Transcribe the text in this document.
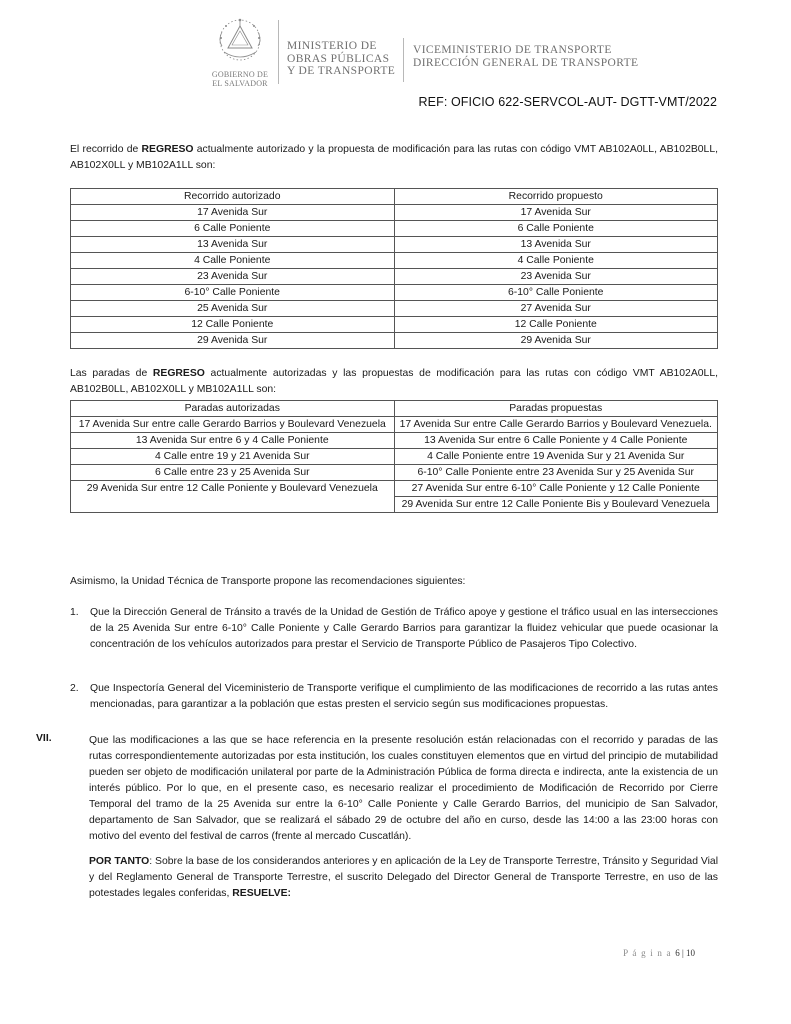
GOBIERNO DE
EL SALVADOR
MINISTERIO DE
OBRAS PÚBLICAS
Y DE TRANSPORTE
VICEMINISTERIO DE TRANSPORTE
DIRECCIÓN GENERAL DE TRANSPORTE
REF: OFICIO 622-SERVCOL-AUT- DGTT-VMT/2022
El recorrido de REGRESO actualmente autorizado y la propuesta de modificación para las rutas con código VMT AB102A0LL, AB102B0LL, AB102X0LL y MB102A1LL son:
Recorrido autorizado	Recorrido propuesto
17 Avenida Sur	17 Avenida Sur
6 Calle Poniente	6 Calle Poniente
13 Avenida Sur	13 Avenida Sur
4 Calle Poniente	4 Calle Poniente
23 Avenida Sur	23 Avenida Sur
6-10° Calle Poniente	6-10° Calle Poniente
25 Avenida Sur	27 Avenida Sur
12 Calle Poniente	12 Calle Poniente
29 Avenida Sur	29 Avenida Sur
Las paradas de REGRESO actualmente autorizadas y las propuestas de modificación para las rutas con código VMT AB102A0LL, AB102B0LL, AB102X0LL y MB102A1LL son:
Paradas autorizadas	Paradas propuestas
17 Avenida Sur entre calle Gerardo Barrios y Boulevard Venezuela	17 Avenida Sur entre Calle Gerardo Barrios y Boulevard Venezuela.
13 Avenida Sur entre 6 y 4 Calle Poniente	13 Avenida Sur entre 6 Calle Poniente y 4 Calle Poniente
4 Calle entre 19 y 21 Avenida Sur	4 Calle Poniente entre 19 Avenida Sur y 21 Avenida Sur
6 Calle entre 23 y 25 Avenida Sur	6-10° Calle Poniente entre 23 Avenida Sur y 25 Avenida Sur
29 Avenida Sur entre 12 Calle Poniente y Boulevard Venezuela	27 Avenida Sur entre 6-10° Calle Poniente y 12 Calle Poniente
	29 Avenida Sur entre 12 Calle Poniente Bis y Boulevard Venezuela
Asimismo, la Unidad Técnica de Transporte propone las recomendaciones siguientes:
1. Que la Dirección General de Tránsito a través de la Unidad de Gestión de Tráfico apoye y gestione el tráfico usual en las intersecciones de la 25 Avenida Sur entre 6-10° Calle Poniente y Calle Gerardo Barrios para garantizar la fluidez vehicular que puede ocasionar la concentración de los vehículos autorizados para prestar el Servicio de Transporte Público de Pasajeros Tipo Colectivo.
2. Que Inspectoría General del Viceministerio de Transporte verifique el cumplimiento de las modificaciones de recorrido a las rutas antes mencionadas, para garantizar a la población que estas presten el servicio según sus modificaciones propuestas.
VII.	Que las modificaciones a las que se hace referencia en la presente resolución están relacionadas con el recorrido y paradas de las rutas correspondientemente autorizadas por esta institución, los cuales constituyen elementos que en virtud del principio de mutabilidad pueden ser objeto de modificación unilateral por parte de la Administración Pública de forma directa e indirecta, ante la existencia de un interés público. Por lo que, en el presente caso, es necesario realizar el procedimiento de Modificación de Recorrido por Cierre Temporal del tramo de la 25 Avenida sur entre la 6-10° Calle Poniente y Calle Gerardo Barrios, del municipio de San Salvador, departamento de San Salvador, que se realizará el sábado 29 de octubre del año en curso, desde las 14:00 a las 23:00 horas con motivo del evento del festival de carros (frente al mercado Cuscatlán).
POR TANTO: Sobre la base de los considerandos anteriores y en aplicación de la Ley de Transporte Terrestre, Tránsito y Seguridad Vial y del Reglamento General de Transporte Terrestre, el suscrito Delegado del Director General de Transporte Terrestre, en uso de las potestades legales conferidas, RESUELVE:
P á g i n a 6 | 10
